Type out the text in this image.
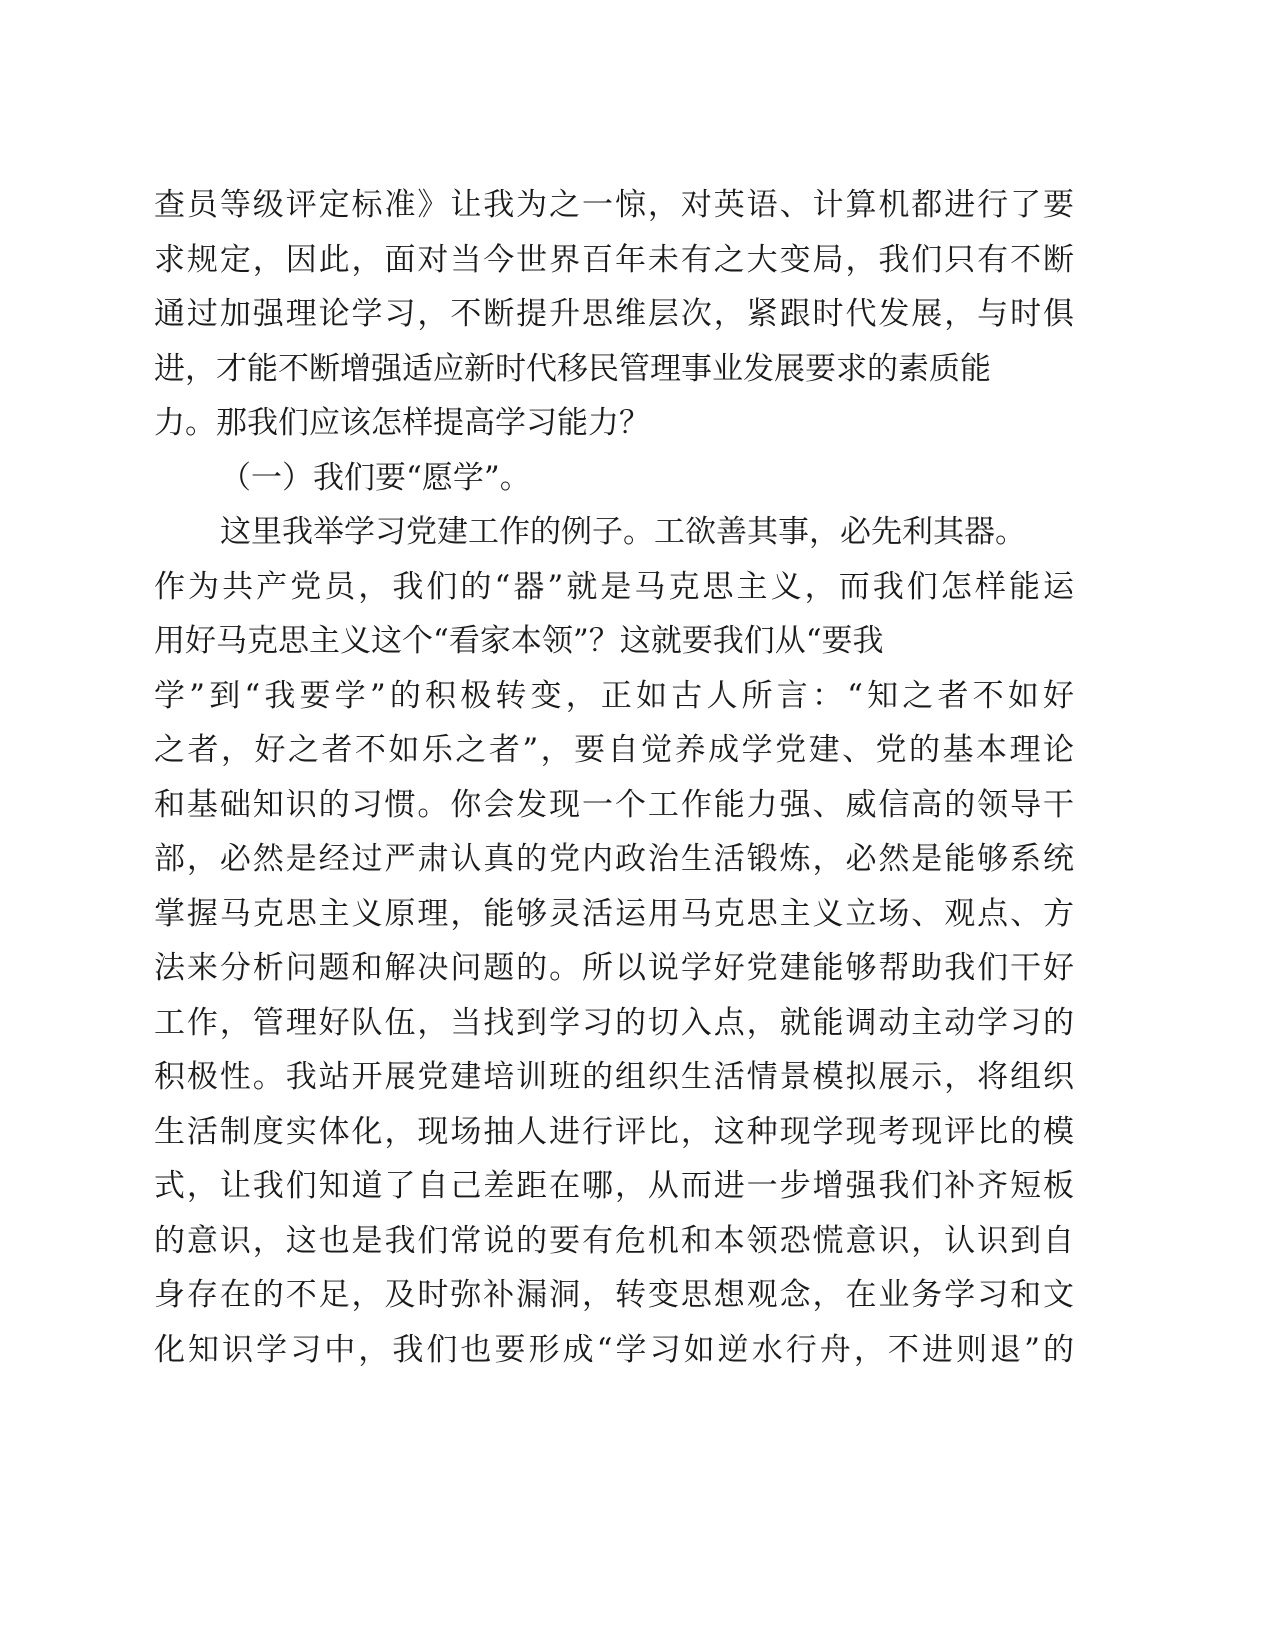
查员等级评定标准》让我为之一惊，对英语、计算机都进行了要
求规定，因此，面对当今世界百年未有之大变局，我们只有不断
通过加强理论学习，不断提升思维层次，紧跟时代发展，与时俱
进，才能不断增强适应新时代移民管理事业发展要求的素质能
力。那我们应该怎样提高学习能力？
（一）我们要“愿学”。
这里我举学习党建工作的例子。工欲善其事，必先利其器。
作为共产党员，我们的“器”就是马克思主义，而我们怎样能运
用好马克思主义这个“看家本领”？这就要我们从“要我
学”到“我要学”的积极转变，正如古人所言：“知之者不如好
之者，好之者不如乐之者”，要自觉养成学党建、党的基本理论
和基础知识的习惯。你会发现一个工作能力强、威信高的领导干
部，必然是经过严肃认真的党内政治生活锻炼，必然是能够系统
掌握马克思主义原理，能够灵活运用马克思主义立场、观点、方
法来分析问题和解决问题的。所以说学好党建能够帮助我们干好
工作，管理好队伍，当找到学习的切入点，就能调动主动学习的
积极性。我站开展党建培训班的组织生活情景模拟展示，将组织
生活制度实体化，现场抽人进行评比，这种现学现考现评比的模
式，让我们知道了自己差距在哪，从而进一步增强我们补齐短板
的意识，这也是我们常说的要有危机和本领恐慌意识，认识到自
身存在的不足，及时弥补漏洞，转变思想观念，在业务学习和文
化知识学习中，我们也要形成“学习如逆水行舟，不进则退”的
